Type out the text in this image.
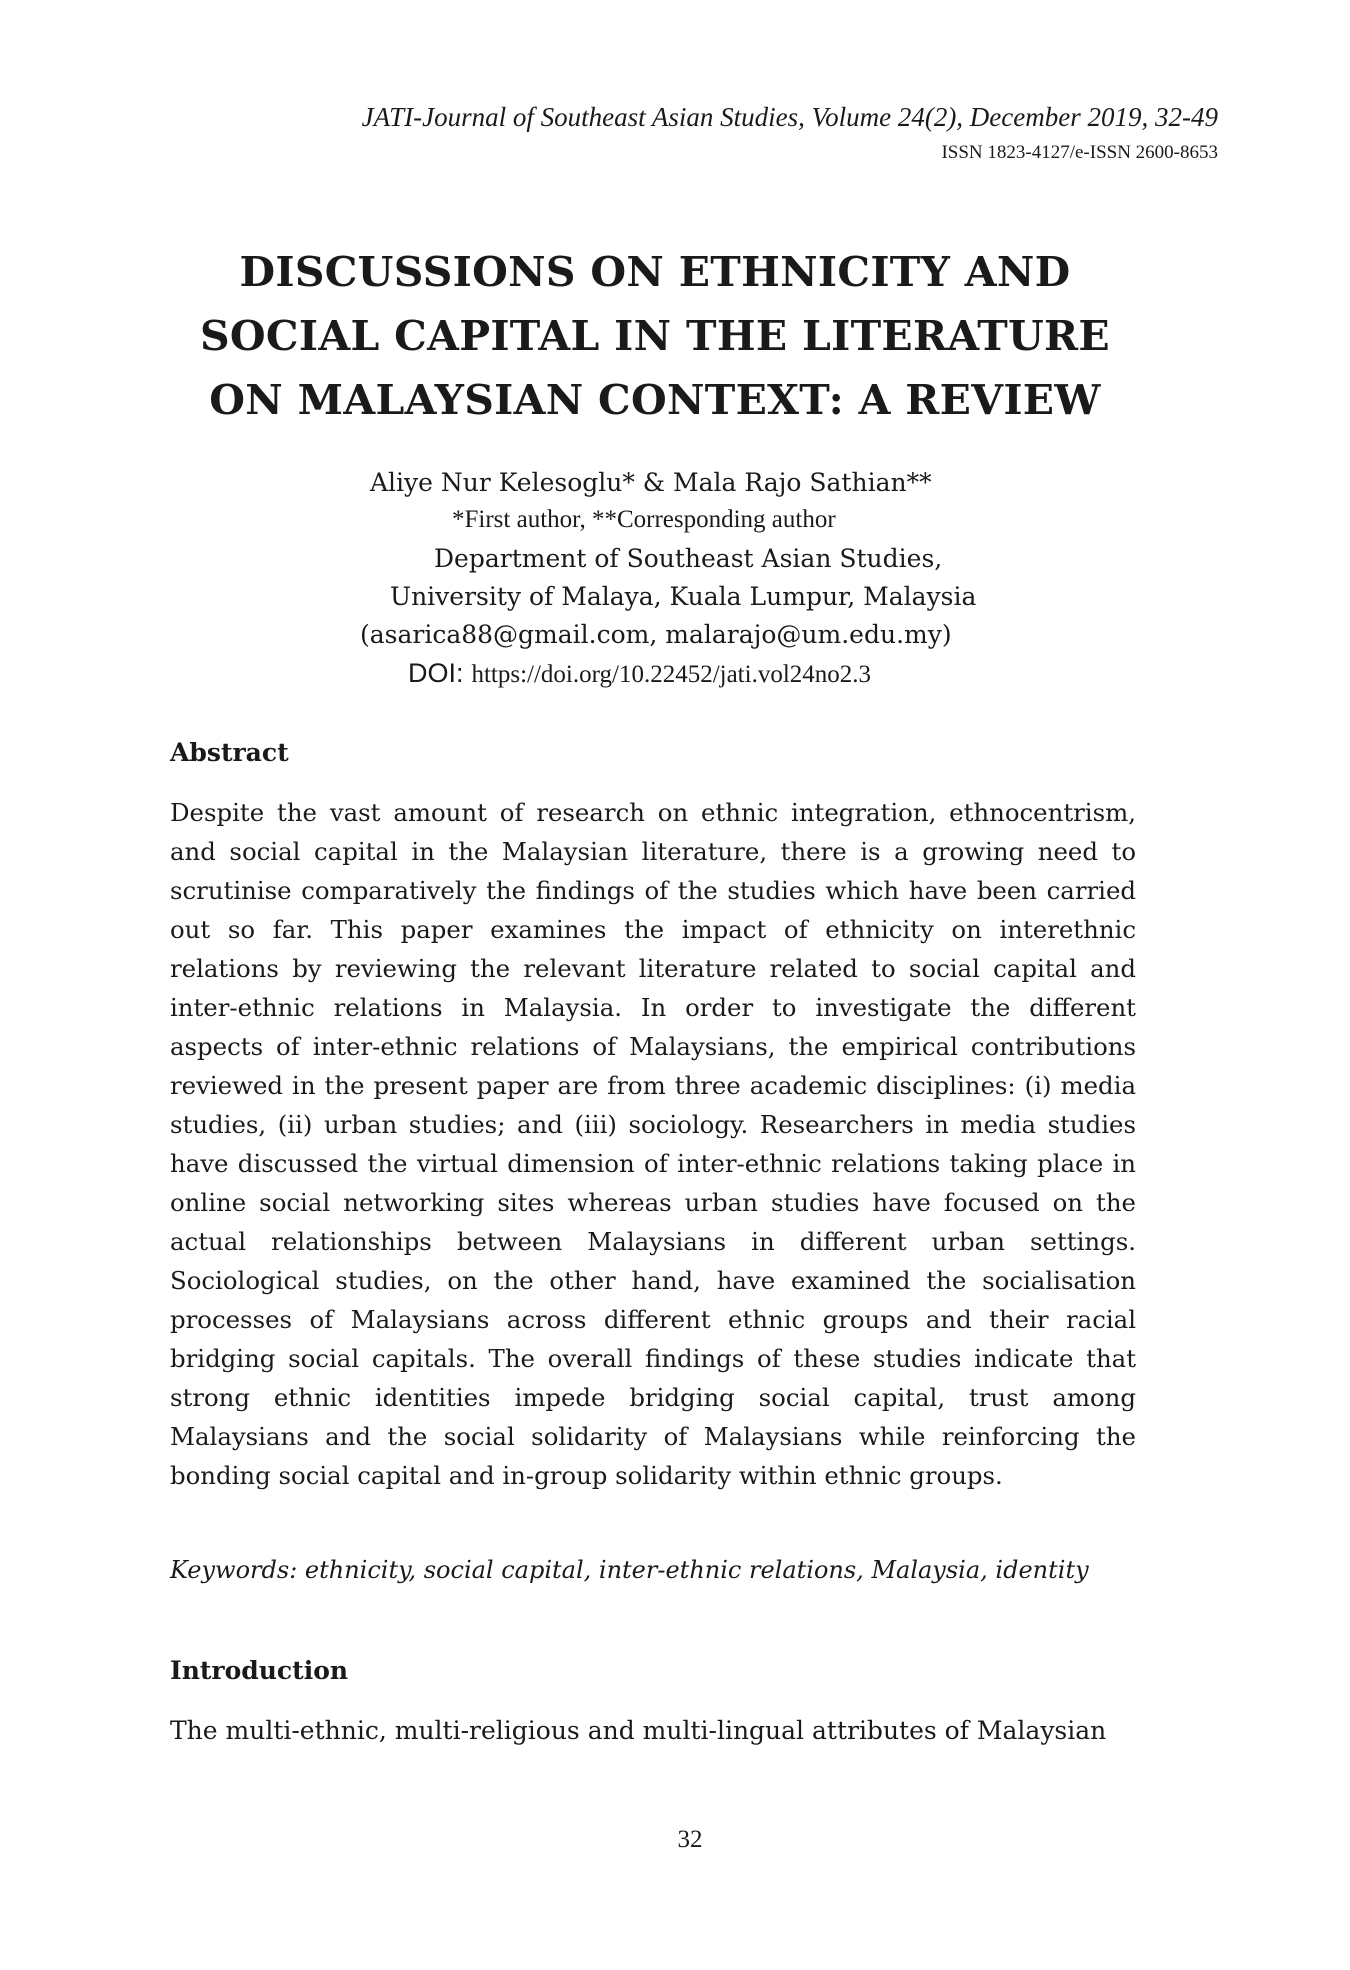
JATI-Journal of Southeast Asian Studies, Volume 24(2), December 2019, 32-49
ISSN 1823-4127/e-ISSN 2600-8653
DISCUSSIONS ON ETHNICITY AND
SOCIAL CAPITAL IN THE LITERATURE
ON MALAYSIAN CONTEXT: A REVIEW
Aliye Nur Kelesoglu* & Mala Rajo Sathian**
*First author, **Corresponding author
Department of Southeast Asian Studies,
University of Malaya, Kuala Lumpur, Malaysia
(asarica88@gmail.com, malarajo@um.edu.my)
DOI: https://doi.org/10.22452/jati.vol24no2.3
Abstract
Despite the vast amount of research on ethnic integration, ethnocentrism, and social capital in the Malaysian literature, there is a growing need to scrutinise comparatively the findings of the studies which have been carried out so far. This paper examines the impact of ethnicity on interethnic relations by reviewing the relevant literature related to social capital and inter-ethnic relations in Malaysia. In order to investigate the different aspects of inter-ethnic relations of Malaysians, the empirical contributions reviewed in the present paper are from three academic disciplines: (i) media studies, (ii) urban studies; and (iii) sociology. Researchers in media studies have discussed the virtual dimension of inter-ethnic relations taking place in online social networking sites whereas urban studies have focused on the actual relationships between Malaysians in different urban settings. Sociological studies, on the other hand, have examined the socialisation processes of Malaysians across different ethnic groups and their racial bridging social capitals. The overall findings of these studies indicate that strong ethnic identities impede bridging social capital, trust among Malaysians and the social solidarity of Malaysians while reinforcing the bonding social capital and in-group solidarity within ethnic groups.
Keywords: ethnicity, social capital, inter-ethnic relations, Malaysia, identity
Introduction
The multi-ethnic, multi-religious and multi-lingual attributes of Malaysian
32
